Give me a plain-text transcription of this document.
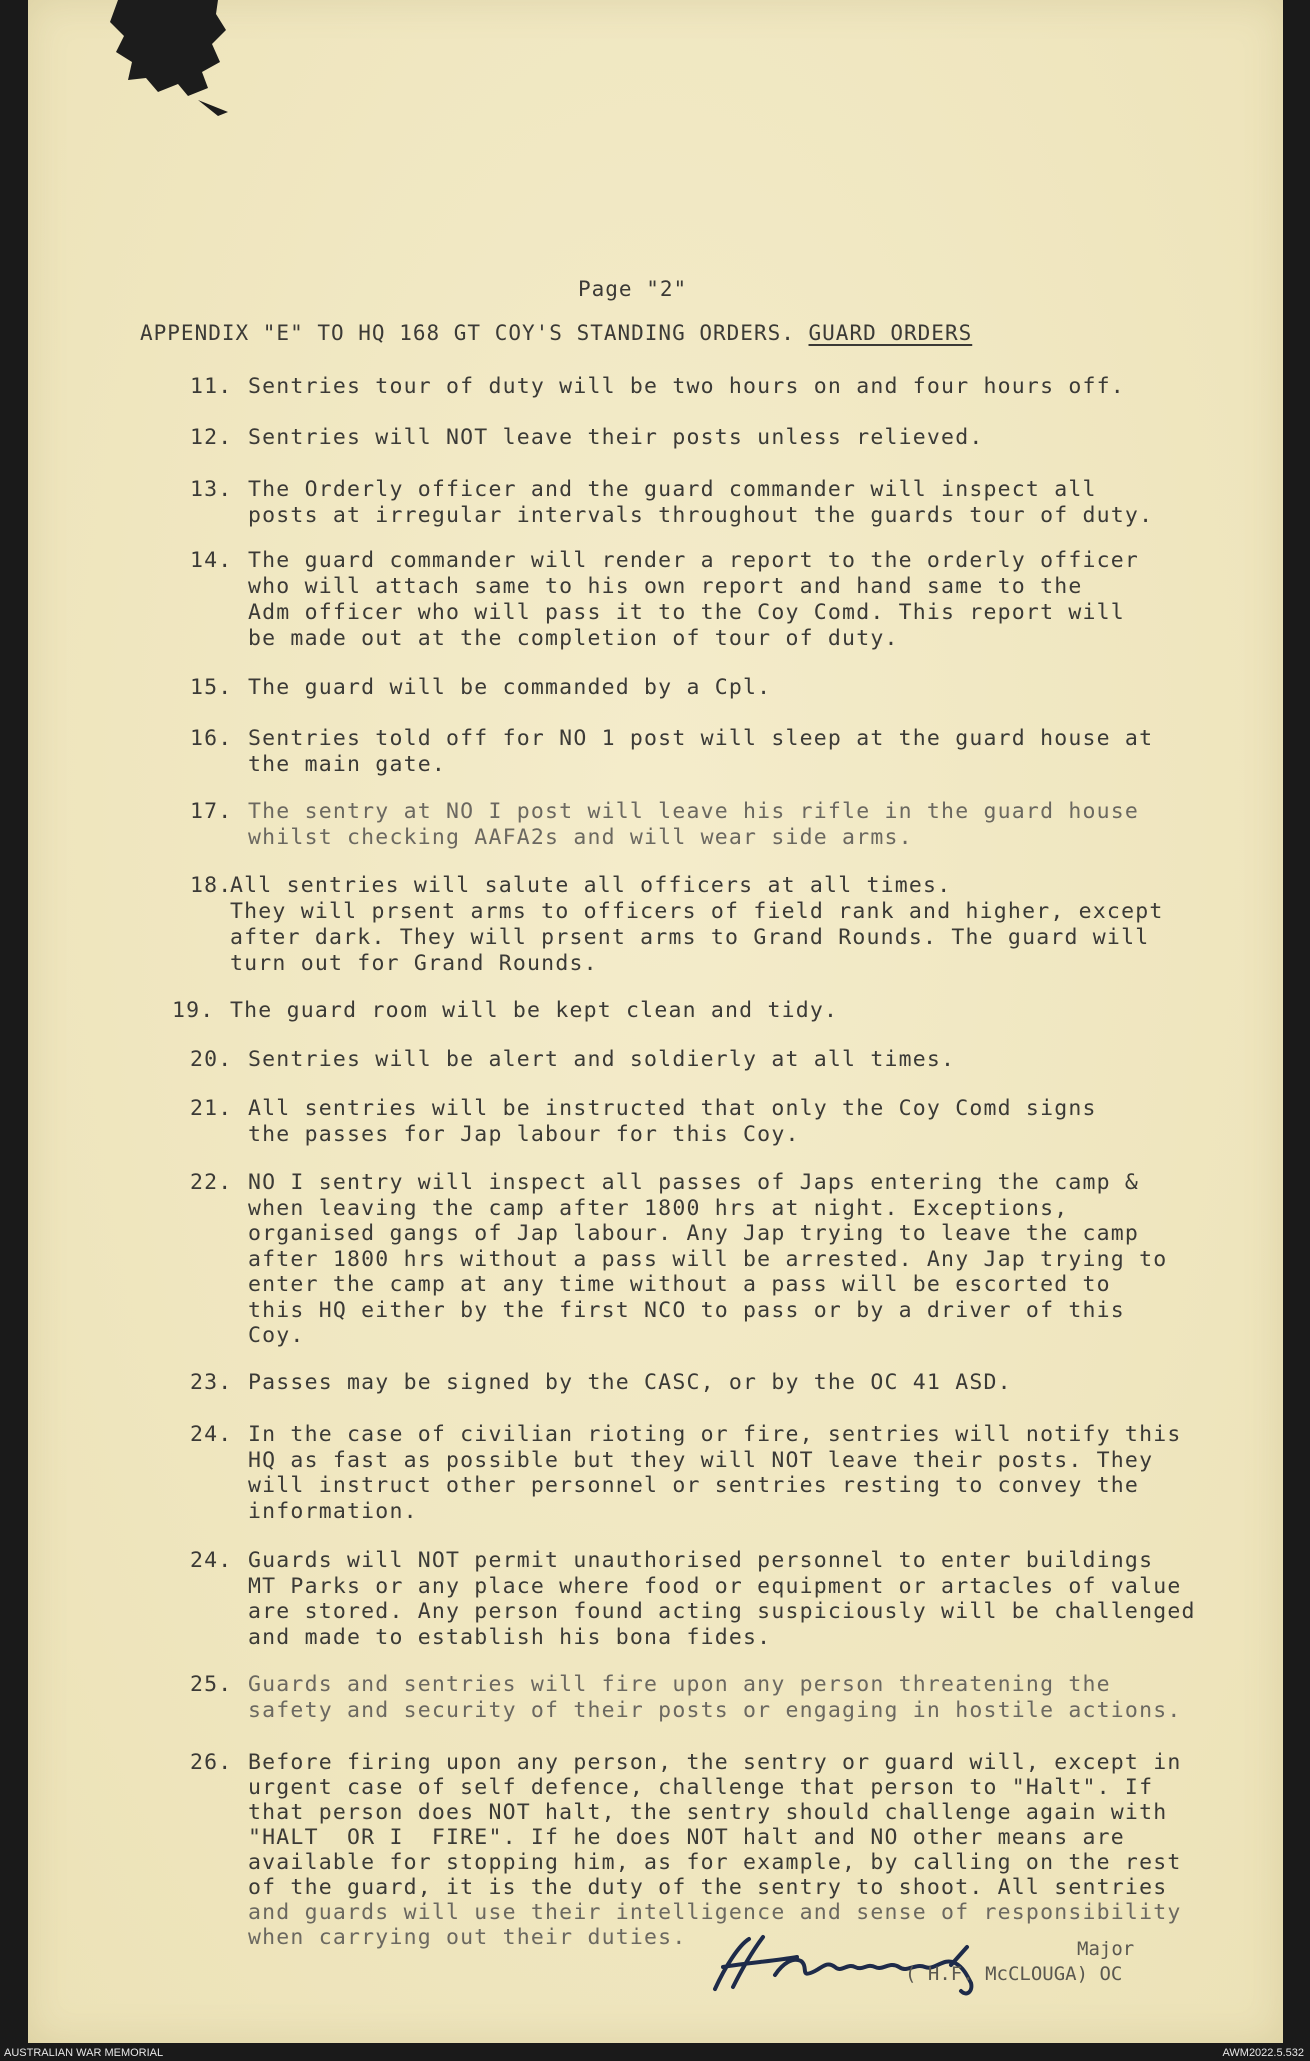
Page "2"
APPENDIX "E" TO HQ 168 GT COY'S STANDING ORDERS. GUARD ORDERS
11. Sentries tour of duty will be two hours on and four hours off.
12. Sentries will NOT leave their posts unless relieved.
13. The Orderly officer and the guard commander will inspect all
posts at irregular intervals throughout the guards tour of duty.
14. The guard commander will render a report to the orderly officer
who will attach same to his own report and hand same to the
Adm officer who will pass it to the Coy Comd. This report will
be made out at the completion of tour of duty.
15. The guard will be commanded by a Cpl.
16. Sentries told off for NO 1 post will sleep at the guard house at
the main gate.
17. The sentry at NO I post will leave his rifle in the guard house
whilst checking AAFA2s and will wear side arms.
18.
All sentries will salute all officers at all times.
They will prsent arms to officers of field rank and higher, except
after dark. They will prsent arms to Grand Rounds. The guard will
turn out for Grand Rounds.
19. The guard room will be kept clean and tidy.
20. Sentries will be alert and soldierly at all times.
21. All sentries will be instructed that only the Coy Comd signs
the passes for Jap labour for this Coy.
22. NO I sentry will inspect all passes of Japs entering the camp &
when leaving the camp after 1800 hrs at night. Exceptions,
organised gangs of Jap labour. Any Jap trying to leave the camp
after 1800 hrs without a pass will be arrested. Any Jap trying to
enter the camp at any time without a pass will be escorted to
this HQ either by the first NCO to pass or by a driver of this
Coy.
23. Passes may be signed by the CASC, or by the OC 41 ASD.
24. In the case of civilian rioting or fire, sentries will notify this
HQ as fast as possible but they will NOT leave their posts. They
will instruct other personnel or sentries resting to convey the
information.
24. Guards will NOT permit unauthorised personnel to enter buildings
MT Parks or any place where food or equipment or artacles of value
are stored. Any person found acting suspiciously will be challenged
and made to establish his bona fides.
25. Guards and sentries will fire upon any person threatening the
safety and security of their posts or engaging in hostile actions.
26. Before firing upon any person, the sentry or guard will, except in
urgent case of self defence, challenge that person to "Halt". If
that person does NOT halt, the sentry should challenge again with
"HALT  OR I  FIRE". If he does NOT halt and NO other means are
available for stopping him, as for example, by calling on the rest
of the guard, it is the duty of the sentry to shoot. All sentries
and guards will use their intelligence and sense of responsibility
when carrying out their duties.	Major
( H.F. McCLOUGA) OC
AUSTRALIAN WAR MEMORIAL	AWM2022.5.532
